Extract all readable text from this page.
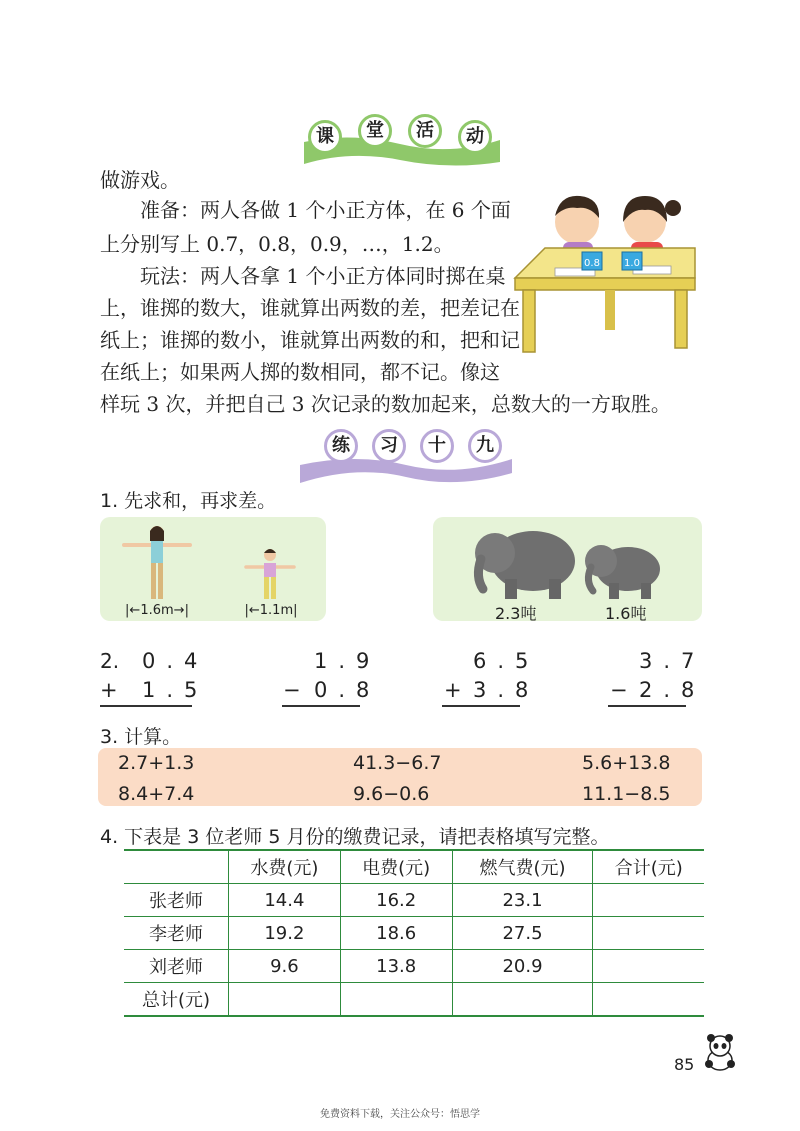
课	堂	活	动
做游戏。
准备：两人各做 1 个小正方体，在 6 个面
上分别写上 0.7，0.8，0.9，…，1.2。
玩法：两人各拿 1 个小正方体同时掷在桌
上，谁掷的数大，谁就算出两数的差，把差记在
纸上；谁掷的数小，谁就算出两数的和，把和记
在纸上；如果两人掷的数相同，都不记。像这
样玩 3 次，并把自己 3 次记录的数加起来，总数大的一方取胜。
0.8 1.0
练	习	十	九
1. 先求和，再求差。
|←1.6m→|	|←1.1m|	2.3吨	1.6吨
2. 0.4
+ 1.5
1.9
− 0.8
6.5
+ 3.8
3.7
− 2.8
3. 计算。
2.7+1.3	41.3−6.7	5.6+13.8
8.4+7.4	9.6−0.6	11.1−8.5
4. 下表是 3 位老师 5 月份的缴费记录，请把表格填写完整。
	水费(元)	电费(元)	燃气费(元)	合计(元)
张老师	14.4	16.2	23.1	
李老师	19.2	18.6	27.5	
刘老师	9.6	13.8	20.9	
总计(元)				
85
免费资料下载，关注公众号：悟思学
